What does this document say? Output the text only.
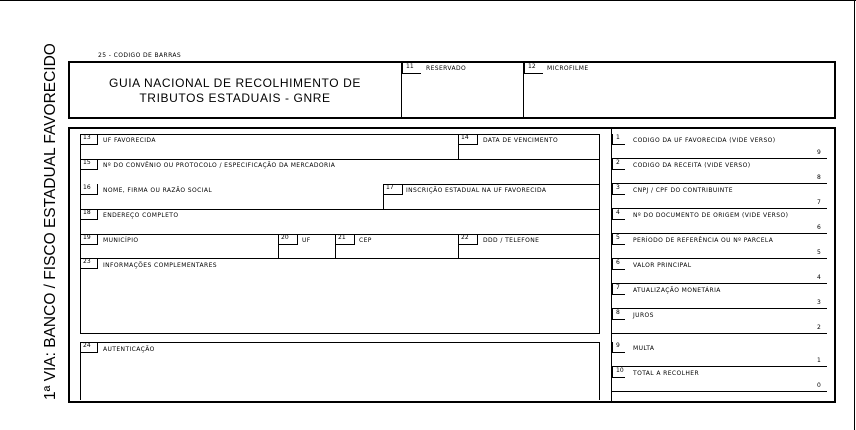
1ª VIA: BANCO / FISCO ESTADUAL FAVORECIDO	25 - CODIGO DE BARRAS
GUIA NACIONAL DE RECOLHIMENTO DE
TRIBUTOS ESTADUAIS - GNRE
11	RESERVADO	12	MICROFILME
13	UF FAVORECIDA	14	DATA DE VENCIMENTO
15	Nº DO CONVÊNIO OU PROTOCOLO / ESPECIFICAÇÃO DA MERCADORIA
16	NOME, FIRMA OU RAZÃO SOCIAL	17	INSCRIÇÃO ESTADUAL NA UF FAVORECIDA
18	ENDEREÇO COMPLETO
19	MUNICÍPIO	20	UF	21	CEP	22	DDD / TELEFONE
23
INFORMAÇÕES COMPLEMENTARES
24
AUTENTICAÇÃO
1	CODIGO DA UF FAVORECIDA (VIDE VERSO)
9
2	CODIGO DA RECEITA (VIDE VERSO)
8
3	CNPJ / CPF DO CONTRIBUINTE
7
4	Nº DO DOCUMENTO DE ORIGEM (VIDE VERSO)
6
5	PERÍODO DE REFERÊNCIA OU Nº PARCELA
5
6	VALOR PRINCIPAL
4
7	ATUALIZAÇÃO MONETÁRIA
3
8	JUROS
2
9	MULTA
1
10 TOTAL A RECOLHER
0
